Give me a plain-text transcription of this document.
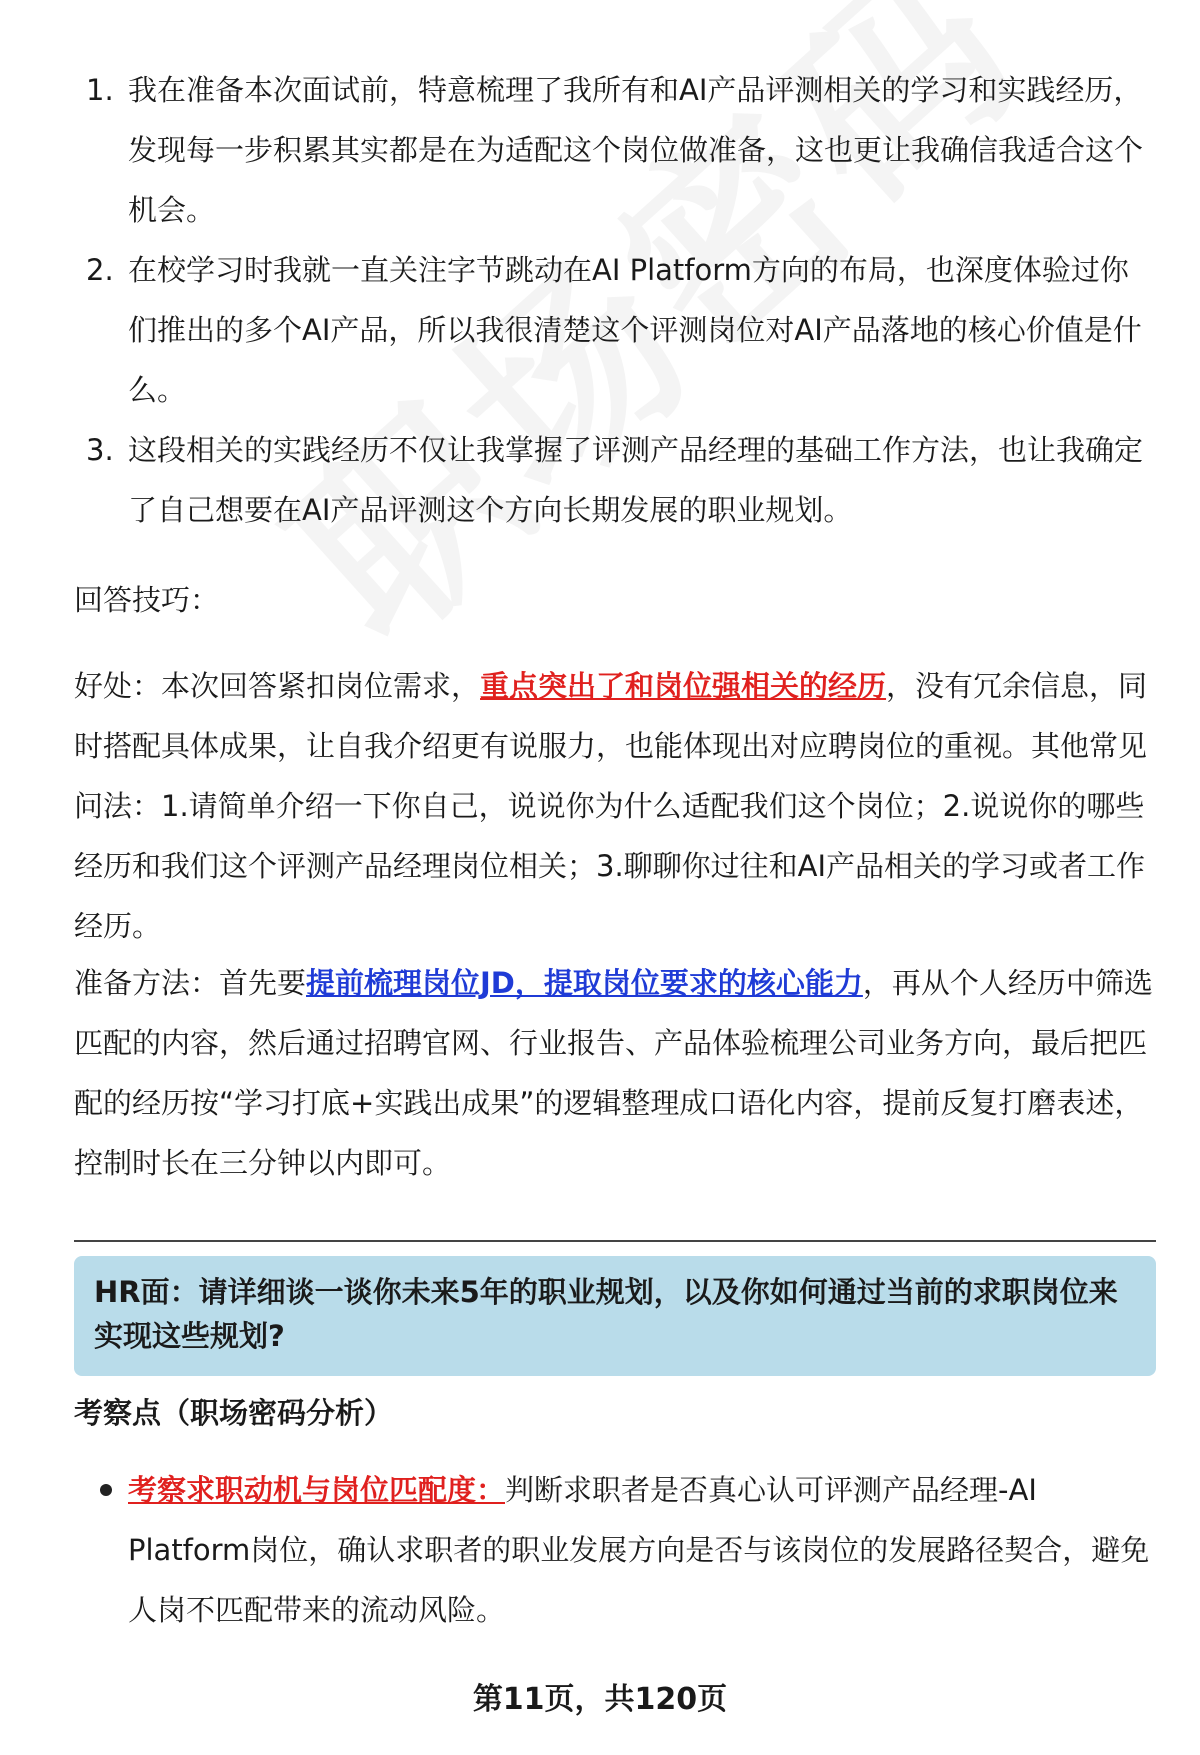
1. 我在准备本次面试前，特意梳理了我所有和AI产品评测相关的学习和实践经历，发现每一步积累其实都是在为适配这个岗位做准备，这也更让我确信我适合这个机会。
2. 在校学习时我就一直关注字节跳动在AI Platform方向的布局，也深度体验过你们推出的多个AI产品，所以我很清楚这个评测岗位对AI产品落地的核心价值是什么。
3. 这段相关的实践经历不仅让我掌握了评测产品经理的基础工作方法，也让我确定了自己想要在AI产品评测这个方向长期发展的职业规划。
回答技巧：
好处：本次回答紧扣岗位需求，重点突出了和岗位强相关的经历，没有冗余信息，同时搭配具体成果，让自我介绍更有说服力，也能体现出对应聘岗位的重视。其他常见问法：1.请简单介绍一下你自己，说说你为什么适配我们这个岗位；2.说说你的哪些经历和我们这个评测产品经理岗位相关；3.聊聊你过往和AI产品相关的学习或者工作经历。
准备方法：首先要提前梳理岗位JD，提取岗位要求的核心能力，再从个人经历中筛选匹配的内容，然后通过招聘官网、行业报告、产品体验梳理公司业务方向，最后把匹配的经历按“学习打底+实践出成果”的逻辑整理成口语化内容，提前反复打磨表述，控制时长在三分钟以内即可。
HR面：请详细谈一谈你未来5年的职业规划，以及你如何通过当前的求职岗位来实现这些规划?
考察点（职场密码分析）
考察求职动机与岗位匹配度：判断求职者是否真心认可评测产品经理-AI Platform岗位，确认求职者的职业发展方向是否与该岗位的发展路径契合，避免人岗不匹配带来的流动风险。
第11页，共120页
